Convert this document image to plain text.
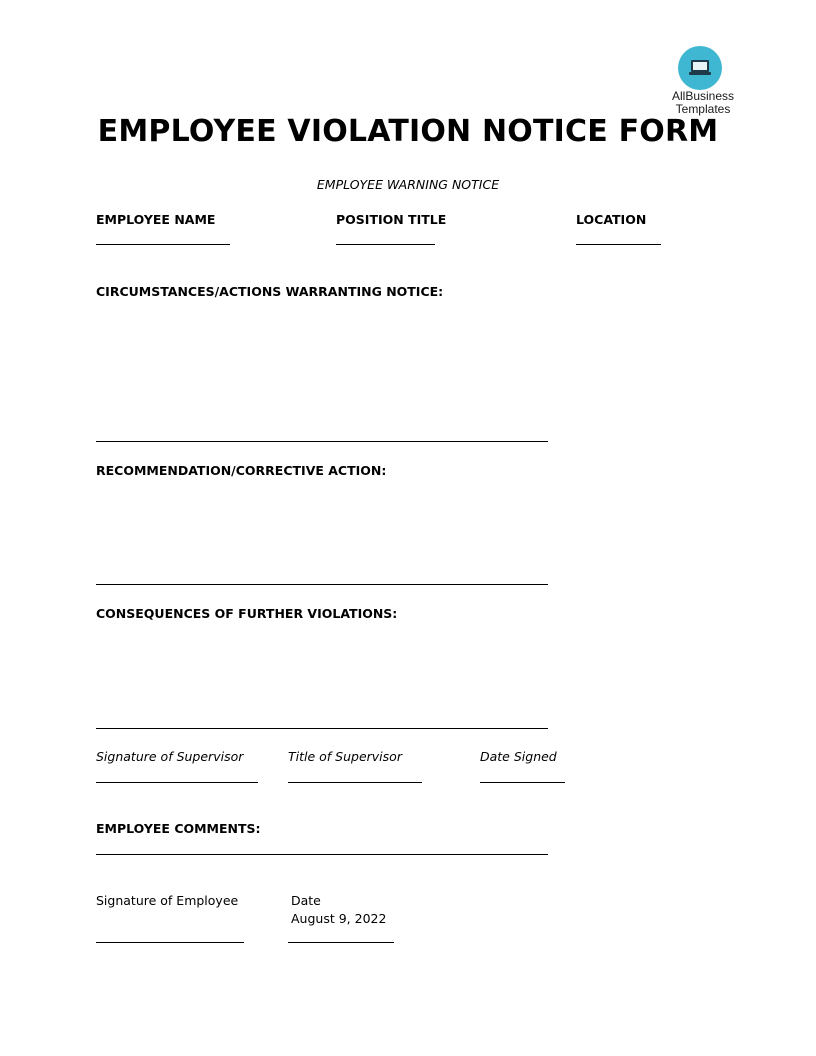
AllBusiness
Templates
EMPLOYEE VIOLATION NOTICE FORM
EMPLOYEE WARNING NOTICE
EMPLOYEE NAME	POSITION TITLE	LOCATION
CIRCUMSTANCES/ACTIONS WARRANTING NOTICE:
RECOMMENDATION/CORRECTIVE ACTION:
CONSEQUENCES OF FURTHER VIOLATIONS:
Signature of Supervisor	Title of Supervisor	Date Signed
EMPLOYEE COMMENTS:
Signature of Employee	Date
August 9, 2022
